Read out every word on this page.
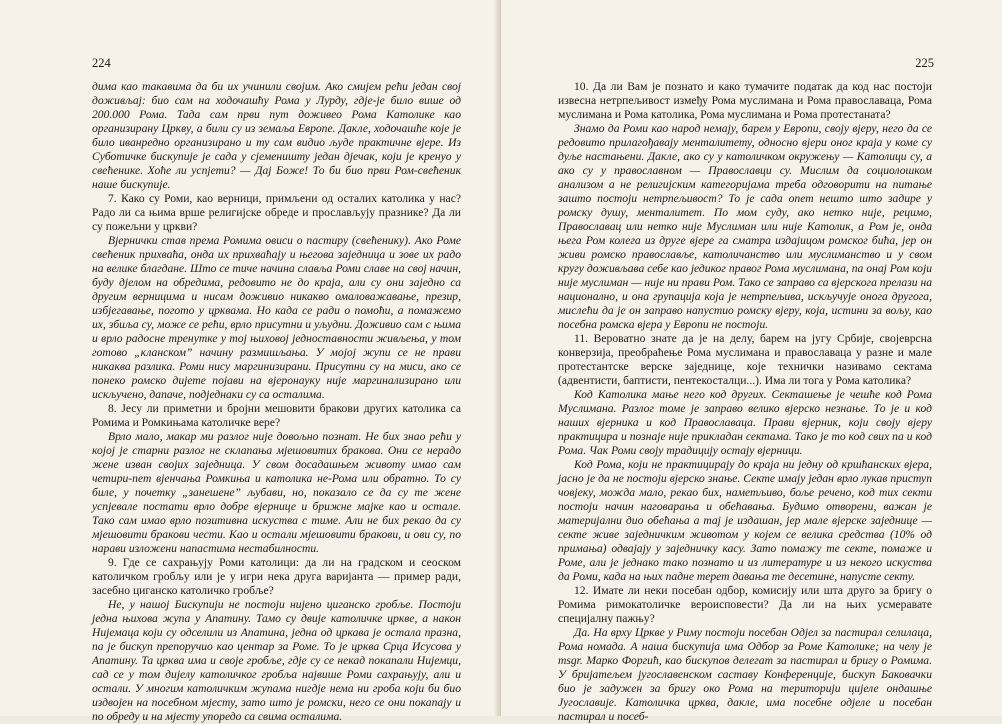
224

дима као такавима да би их учинили својим. Ако смијем рећи један свој доживљај: био сам на ходочашћу Рома у Лурду, гдје-је било више од 200.000 Рома. Тада сам први пут доживео Рома Католике као организирану Цркву, а били су из земаља Европе. Дакле, ходочашће које је било иванредно организирано и ту сам видио људе практичне вјере. Из Суботичке бискупије је сада у сјеменишту један дјечак, који је кренуо у свећенике. Хоће ли успјети? — Дај Боже! То би био први Ром-свећеник наше бискупије.

7. Како су Роми, као верници, примљени од осталих католика у нас? Радо ли са њима врше религијске обреде и прослављују празнике? Да ли су пожељни у цркви?

Вјернички став према Ромима овиси о пастиру (свећенику). Ако Роме свећеник прихваћа, онда их прихваћају и његова заједница и зове их радо на велике благдане. Што се тиче начина славља Роми славе на свој начин, буду дјелом на обредима, редовито не до краја, али су они заједно са другим верницима и нисам доживио никакво омаловажавање, презир, избјегавање, погото у црквама. Но када се ради о помоћи, а помажемо их, збиља су, може се рећи, врло присутни и уљудни. Доживио сам с њима и врло радосне тренутке у тој њиховој једноставности живљења, у том готово „кланском” начину размишљања. У мојој жупи се не прави никаква разлика. Роми нису маргинизирани. Присутни су на миси, ако се понеко ромско дијете појави на вјеронауку није маргинализирано или искључено, дапаче, подједнаки су са осталима.

8. Јесу ли приметни и бројни мешовити бракови других католика са Ромима и Ромкињама католичке вере?

Врло мало, макар ми разлог није довољно познат. Не бих знао рећи у којој је старни разлог не склапања мјешовитих бракова. Они се нерадо жене изван својих заједница. У свом досадашњем животу имао сам четири-пет вјенчања Ромкиња и католика не-Рома или обратно. То су биле, у почетку „занешене” љубави, но, показало се да су те жене успјевале постати врло добре вјернице и брижне мајке као и остале. Тако сам имао врло позитивна искуства с тиме. Али не бих рекао да су мјешовити бракови чести. Као и остали мјешовити бракови, и ови су, по нарави изложени напастима нестабилности.

9. Где се сахрањују Роми католици: да ли на градском и сеоском католичком гробљу или је у игри нека друга варијанта — пример ради, засебно циганско католичко гробље?

Не, у нашој Бискупији не постоји нијено циганско гробље. Постоји једна њихова жупа у Апатину. Тамо су двије католичке цркве, а након Нијемаца који су одселили из Апатина, једна од цркава је остала празна, па је бискуп препоручио као центар за Роме. То је црква Срца Исусова у Апатину. Та црква има и своје гробље, гдје су се некад покапали Нијемци, сад се у том дијелу католичког гробља највише Роми сахрањују, али и остали. У многим католичким жупама нигдје нема ни гроба који би био издвојен на посебном мјесту, зато што је ромски, него се они покапају и по обреду и на мјесту упоредо са свима осталима.

225

10. Да ли Вам је познато и како тумачите податак да код нас постоји извесна нетрпељивост између Рома муслимана и Рома православаца, Рома муслимана и Рома католика, Рома муслимана и Рома протестаната?

Знамо да Роми као народ немају, барем у Европи, своју вјеру, него да се редовито прилагођавају менталитету, односно вјери оног краја у коме су дуље настањени. Дакле, ако су у католичком окружењу — Католици су, а ако су у православном — Православци су. Мислим да социолошком анализом а не религијским категоријама треба одговорити на питање зашто постоји нетрпељивост? То је сада опет нешто што задире у ромску душу, менталитет. По мом суду, ако нетко није, рецимо, Православац или нетко није Муслиман или није Католик, а Ром је, онда њега Ром колега из друге вјере га сматра издајицом ромског бића, јер он живи ромско православље, католичанство или муслиманство и у свом кругу доживљава себе као једиког правог Рома муслимана, па онај Ром који није муслиман — није ни прави Ром. Тако се заправо са вјерскога прелази на национално, и она групација која је нетрпељива, искључује онога другога, мислећи да је он заправо напустио ромску вјеру, која, истини за вољу, као посебна ромска вјера у Европи не постоји.

11. Вероватно знате да је на делу, барем на југу Србије, својеврсна конверзија, преобраћење Рома муслимана и православаца у разне и мале протестантске верске заједнице, које технички називамо сектама (адвентисти, баптисти, пентекосталци...). Има ли тога у Рома католика?

Код Католика мање него код других. Секташење је чешће код Рома Муслимана. Разлог томе је заправо велико вјерско незнање. То је и код наших вјерника и код Православаца. Прави вјерник, који своју вјеру практицира и познаје није прикладан сектама. Тако је то код свих па и код Рома. Чак Роми своју традицију остају вјерници.

Код Рома, који не практицирају до краја ни једну од кршћанских вјера, јасно је да не постоји вјерско знање. Секте имају један врло лукав приступ човјеку, можда мало, рекао бих, наметљиво, боље речено, код тих секти постоји начин наговарања и обећавања. Будимо отворени, важан је материјални дио обећања а тај је издашан, јер мале вјерске заједнице — секте живе заједничким животом у којем се велика средства (10% од примања) одвајају у заједничку касу. Зато помажу те секте, помаже и Роме, али је једнако тако познато и из литературе и из некого искуства да Роми, када на њих падне терет давања те десетине, напусте секту.

12. Имате ли неки посебан одбор, комисију или шта друго за бригу о Ромима римокатоличке вероисповести? Да ли на њих усмеравате специјалну пажњу?

Да. На врху Цркве у Риму постоји посебан Одјел за пастирал селилаца, Рома номада. А наша бискупија има Одбор за Роме Католике; на челу је msgr. Марко Форгић, као бискупов делегат за пастирал и бригу о Ромима. У бријатељем југославенском саставу Конференције, бискуп Баковачки био је задужен за бригу око Рома на територији цијеле ондашње Југославије. Католичка црква, дакле, има посебне одјеле и посебан пастирал и посеб-
